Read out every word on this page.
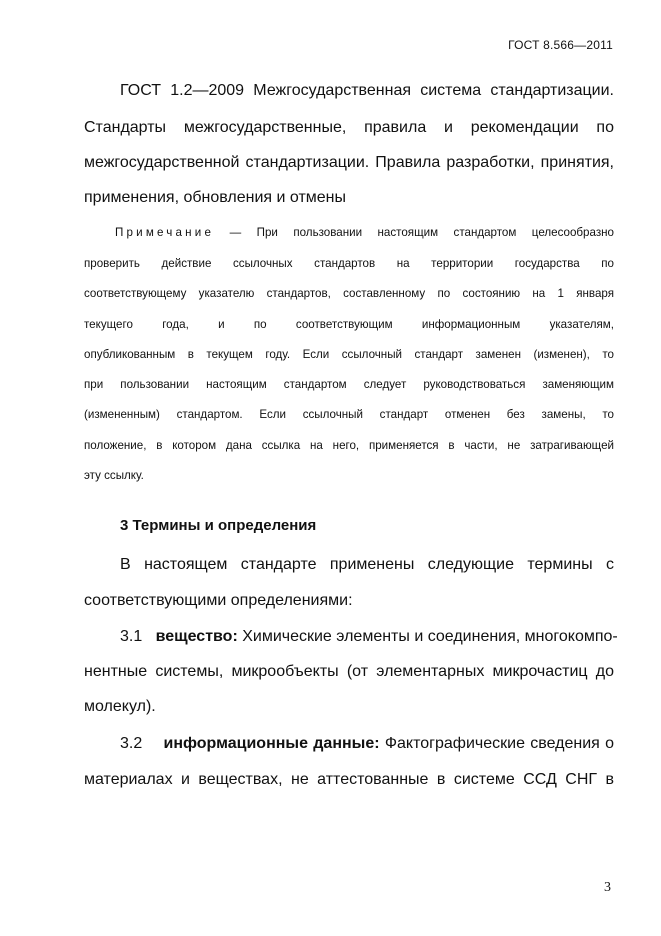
ГОСТ 8.566—2011
ГОСТ 1.2—2009 Межгосударственная система стандартизации.
Стандарты межгосударственные, правила и рекомендации по
межгосударственной стандартизации. Правила разработки, принятия,
применения, обновления и отмены
Примечание — При пользовании настоящим стандартом целесообразно
проверить действие ссылочных стандартов на территории государства по
соответствующему указателю стандартов, составленному по состоянию на 1 января
текущего года, и по соответствующим информационным указателям,
опубликованным в текущем году. Если ссылочный стандарт заменен (изменен), то
при пользовании настоящим стандартом следует руководствоваться заменяющим
(измененным) стандартом. Если ссылочный стандарт отменен без замены, то
положение, в котором дана ссылка на него, применяется в части, не затрагивающей
эту ссылку.
3 Термины и определения
В настоящем стандарте применены следующие термины с
соответствующими определениями:
3.1 вещество: Химические элементы и соединения, многокомпо-
нентные системы, микрообъекты (от элементарных микрочастиц до
молекул).
3.2 информационные данные: Фактографические сведения о
материалах и веществах, не аттестованные в системе ССД СНГ в
3
